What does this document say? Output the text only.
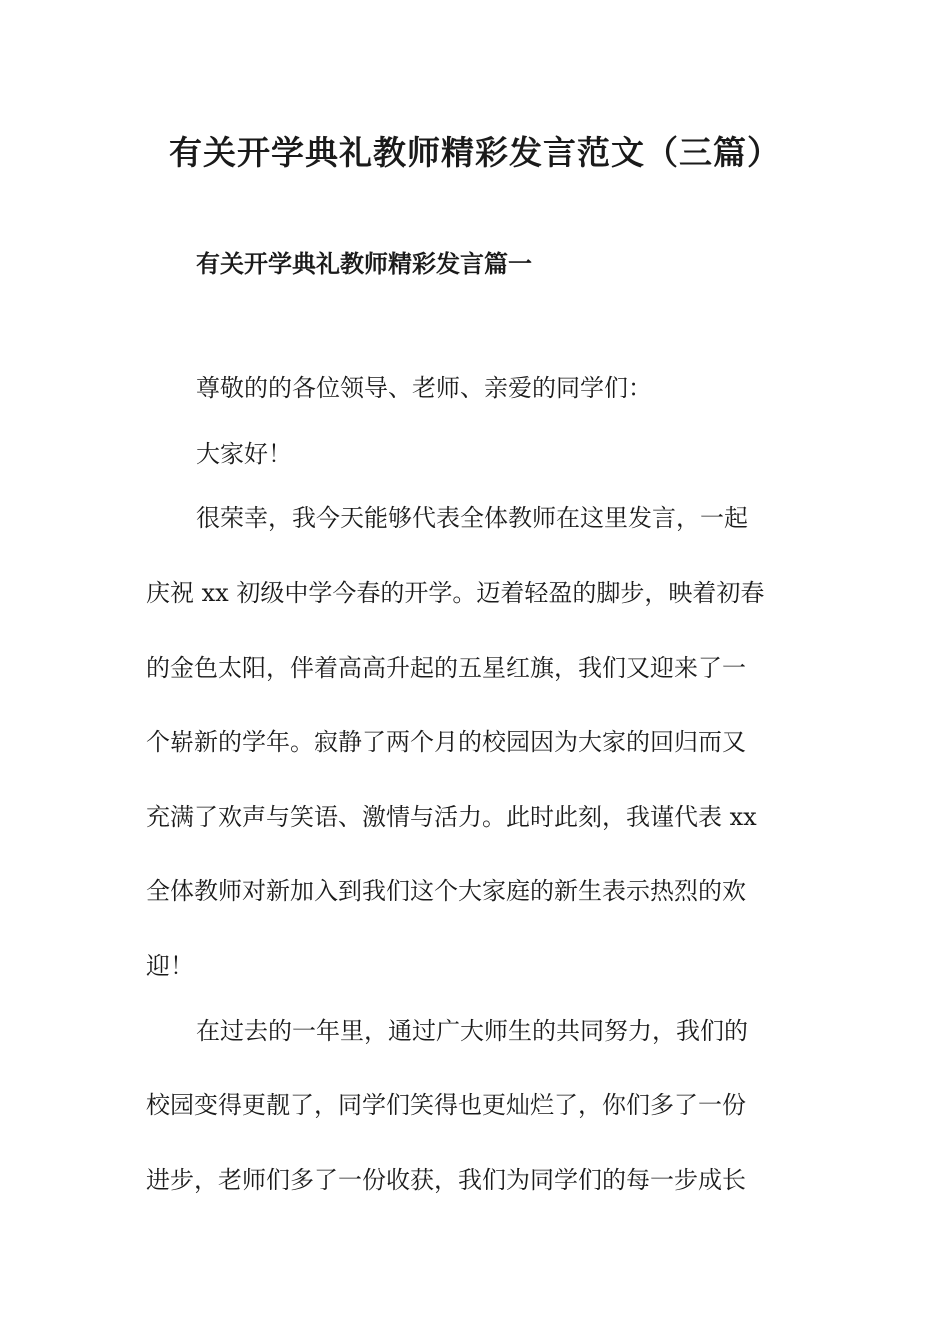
有关开学典礼教师精彩发言范文（三篇）
有关开学典礼教师精彩发言篇一
尊敬的的各位领导、老师、亲爱的同学们：
大家好！
很荣幸，我今天能够代表全体教师在这里发言，一起
庆祝 xx 初级中学今春的开学。迈着轻盈的脚步，映着初春
的金色太阳，伴着高高升起的五星红旗，我们又迎来了一
个崭新的学年。寂静了两个月的校园因为大家的回归而又
充满了欢声与笑语、激情与活力。此时此刻，我谨代表 xx
全体教师对新加入到我们这个大家庭的新生表示热烈的欢
迎！
在过去的一年里，通过广大师生的共同努力，我们的
校园变得更靓了，同学们笑得也更灿烂了，你们多了一份
进步，老师们多了一份收获，我们为同学们的每一步成长
